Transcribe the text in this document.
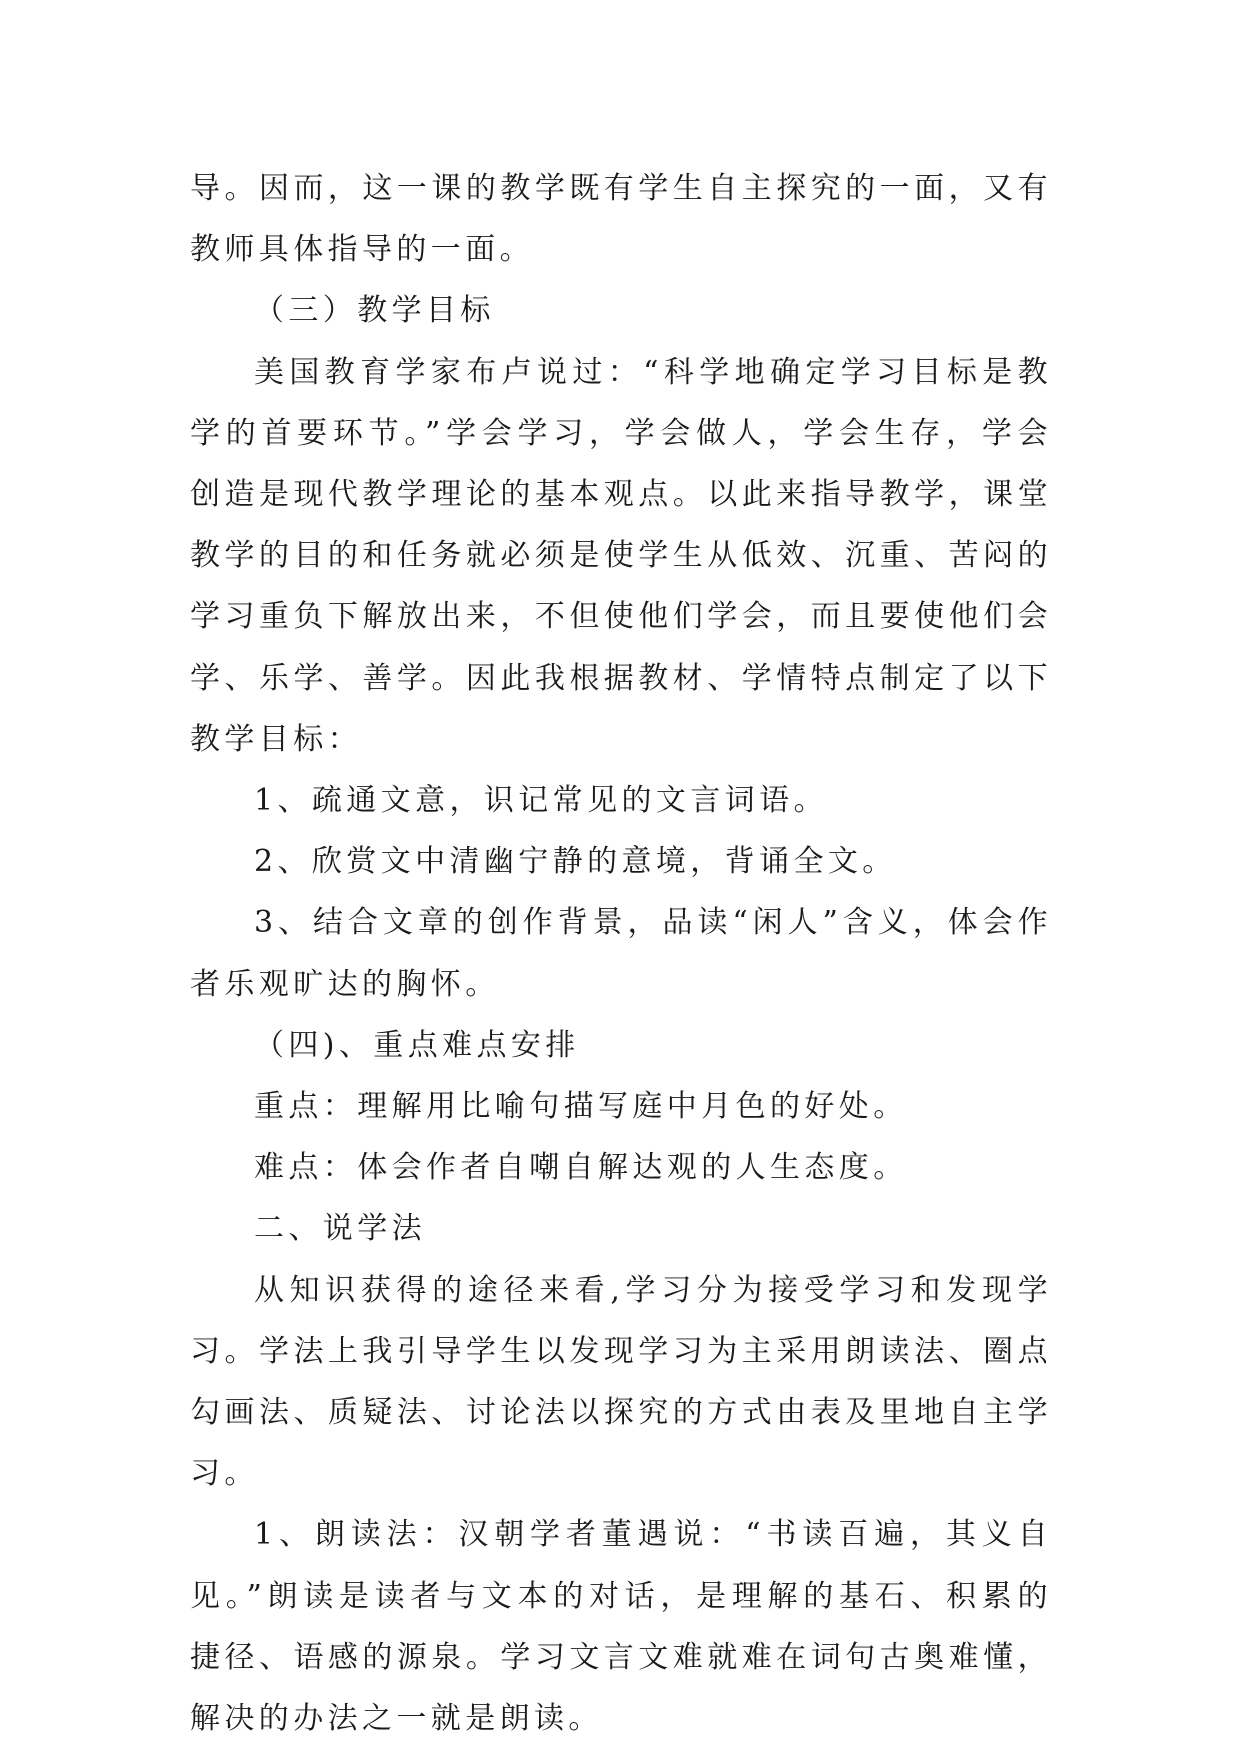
导。因而，这一课的教学既有学生自主探究的一面，又有教师具体指导的一面。

（三）教学目标

美国教育学家布卢说过：“科学地确定学习目标是教学的首要环节。”学会学习，学会做人，学会生存，学会创造是现代教学理论的基本观点。以此来指导教学，课堂教学的目的和任务就必须是使学生从低效、沉重、苦闷的学习重负下解放出来，不但使他们学会，而且要使他们会学、乐学、善学。因此我根据教材、学情特点制定了以下教学目标：

1、疏通文意，识记常见的文言词语。

2、欣赏文中清幽宁静的意境，背诵全文。

3、结合文章的创作背景，品读“闲人”含义，体会作者乐观旷达的胸怀。

（四)、重点难点安排

重点：理解用比喻句描写庭中月色的好处。

难点：体会作者自嘲自解达观的人生态度。

二、说学法

从知识获得的途径来看,学习分为接受学习和发现学习。学法上我引导学生以发现学习为主采用朗读法、圈点勾画法、质疑法、讨论法以探究的方式由表及里地自主学习。

1、朗读法：汉朝学者董遇说：“书读百遍，其义自见。”朗读是读者与文本的对话，是理解的基石、积累的捷径、语感的源泉。学习文言文难就难在词句古奥难懂，解决的办法之一就是朗读。
